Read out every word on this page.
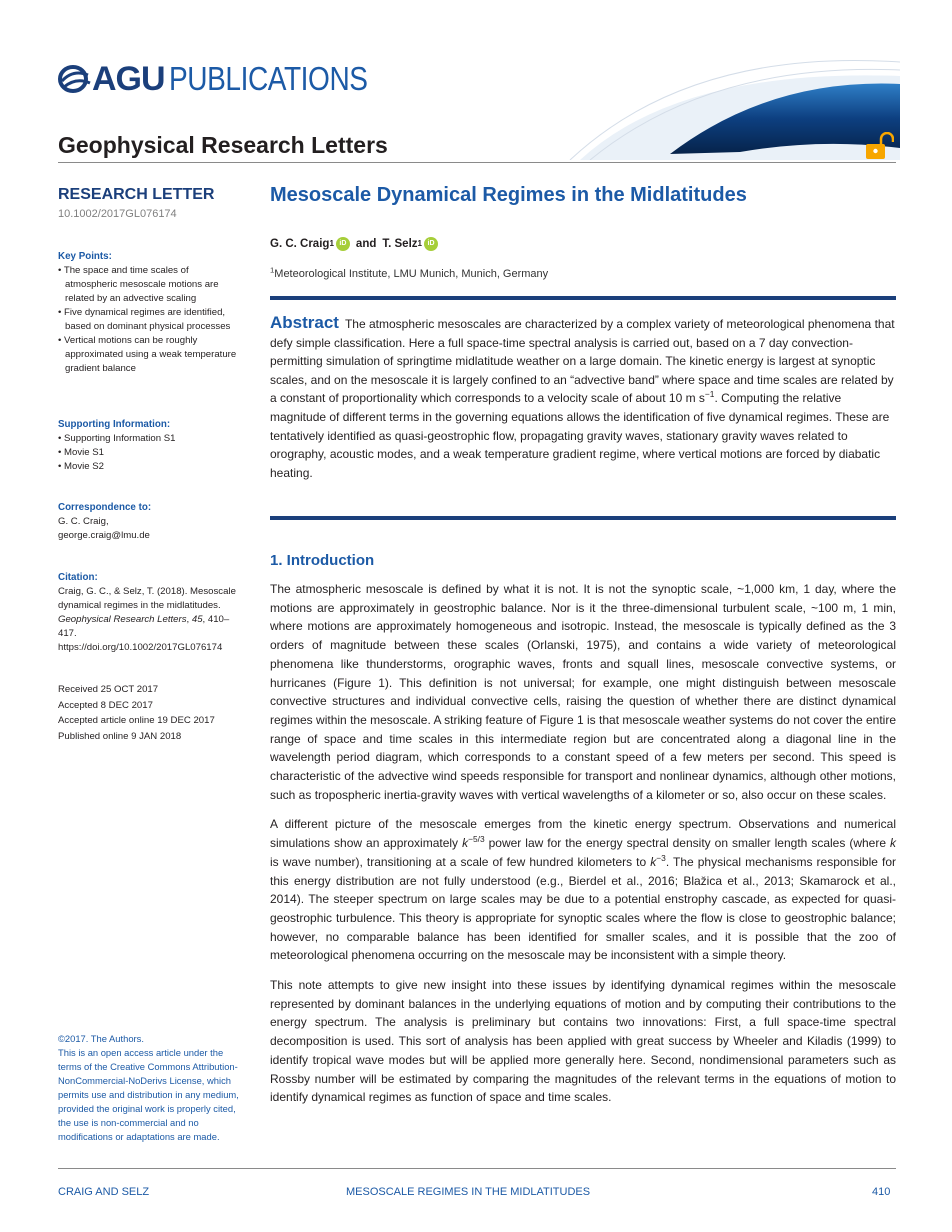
AGU PUBLICATIONS
Geophysical Research Letters
RESEARCH LETTER
10.1002/2017GL076174
Key Points:
• The space and time scales of atmospheric mesoscale motions are related by an advective scaling
• Five dynamical regimes are identified, based on dominant physical processes
• Vertical motions can be roughly approximated using a weak temperature gradient balance
Supporting Information:
• Supporting Information S1
• Movie S1
• Movie S2
Correspondence to:
G. C. Craig,
george.craig@lmu.de
Citation:
Craig, G. C., & Selz, T. (2018). Mesoscale dynamical regimes in the midlatitudes. Geophysical Research Letters, 45, 410–417. https://doi.org/10.1002/2017GL076174
Received 25 OCT 2017
Accepted 8 DEC 2017
Accepted article online 19 DEC 2017
Published online 9 JAN 2018
©2017. The Authors.
This is an open access article under the terms of the Creative Commons Attribution-NonCommercial-NoDerivs License, which permits use and distribution in any medium, provided the original work is properly cited, the use is non-commercial and no modifications or adaptations are made.
Mesoscale Dynamical Regimes in the Midlatitudes
G. C. Craig 1 iD and T. Selz 1 iD
$^1$Meteorological Institute, LMU Munich, Munich, Germany
Abstract The atmospheric mesoscales are characterized by a complex variety of meteorological phenomena that defy simple classification. Here a full space-time spectral analysis is carried out, based on a 7 day convection-permitting simulation of springtime midlatitude weather on a large domain. The kinetic energy is largest at synoptic scales, and on the mesoscale it is largely confined to an “advective band” where space and time scales are related by a constant of proportionality which corresponds to a velocity scale of about 10 m $s^{-1}$. Computing the relative magnitude of different terms in the governing equations allows the identification of five dynamical regimes. These are tentatively identified as quasi-geostrophic flow, propagating gravity waves, stationary gravity waves related to orography, acoustic modes, and a weak temperature gradient regime, where vertical motions are forced by diabatic heating.
1. Introduction

The atmospheric mesoscale is defined by what it is not. It is not the synoptic scale, ~1,000 km, 1 day, where the motions are approximately in geostrophic balance. Nor is it the three-dimensional turbulent scale, ~100 m, 1 min, where motions are approximately homogeneous and isotropic. Instead, the mesoscale is typically defined as the 3 orders of magnitude between these scales (Orlanski, 1975), and contains a wide variety of meteorological phenomena like thunderstorms, orographic waves, fronts and squall lines, mesoscale convective systems, or hurricanes (Figure 1). This definition is not universal; for example, one might distinguish between mesoscale convective structures and individual convective cells, raising the question of whether there are distinct dynamical regimes within the mesoscale. A striking feature of Figure 1 is that mesoscale weather systems do not cover the entire range of space and time scales in this intermediate region but are concentrated along a diagonal line in the wavelength period diagram, which corresponds to a constant speed of a few meters per second. This speed is characteristic of the advective wind speeds responsible for transport and nonlinear dynamics, although other motions, such as tropospheric inertia-gravity waves with vertical wavelengths of a kilometer or so, also occur on these scales.

A different picture of the mesoscale emerges from the kinetic energy spectrum. Observations and numerical simulations show an approximately $k^{-5/3}$ power law for the energy spectral density on smaller length scales (where k is wave number), transitioning at a scale of few hundred kilometers to $k^{-3}$. The physical mechanisms responsible for this energy distribution are not fully understood (e.g., Bierdel et al., 2016; Blažica et al., 2013; Skamarock et al., 2014). The steeper spectrum on large scales may be due to a potential enstrophy cascade, as expected for quasi-geostrophic turbulence. This theory is appropriate for synoptic scales where the flow is close to geostrophic balance; however, no comparable balance has been identified for smaller scales, and it is possible that the zoo of meteorological phenomena occurring on the mesoscale may be inconsistent with a simple theory.

This note attempts to give new insight into these issues by identifying dynamical regimes within the mesoscale represented by dominant balances in the underlying equations of motion and by computing their contributions to the energy spectrum. The analysis is preliminary but contains two innovations: First, a full space-time spectral decomposition is used. This sort of analysis has been applied with great success by Wheeler and Kiladis (1999) to identify tropical wave modes but will be applied more generally here. Second, nondimensional parameters such as Rossby number will be estimated by comparing the magnitudes of the relevant terms in the equations of motion to identify dynamical regimes as function of space and time scales.

CRAIG AND SELZ	MESOSCALE REGIMES IN THE MIDLATITUDES	410
